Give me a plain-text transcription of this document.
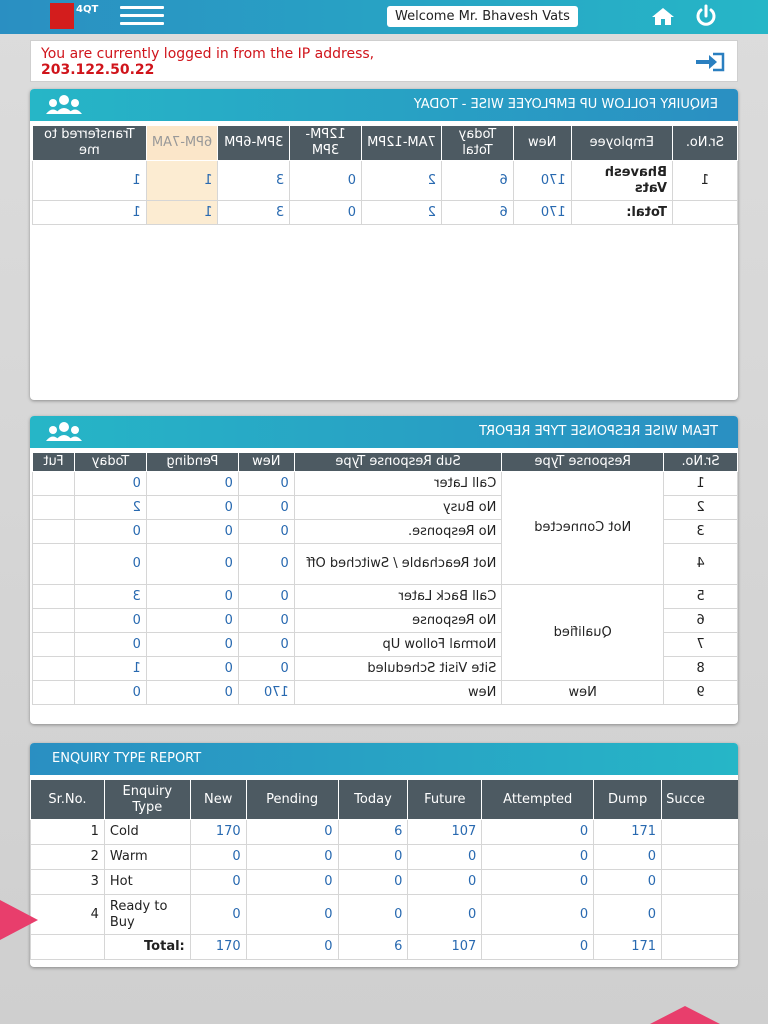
4QT	Welcome Mr. Bhavesh Vats
You are currently logged in from the IP address,
203.122.50.22
ENQUIRY FOLLOW UP EMPLOYEE WISE - TODAY
Sr.No.	Employee	New	Today Total	7AM-12PM	12PM-3PM	3PM-6PM	6PM-7AM	Transferred to me
1	Bhavesh Vats	170	6	2	0	3	1	1
	Total:	170	6	2	0	3	1	1
TEAM WISE RESPONSE TYPE REPORT
Sr.No.	Response Type	Sub Response Type	New	Pending	Today	Fut
1	Not Connected	Call Later	0	0	0	
2		No Busy	0	0	2	
3		No Response.	0	0	0	
4		Not Reachable / Switched Off	0	0	0	
5	Qualified	Call Back Later	0	0	3	
6		No Response	0	0	0	
7		Normal Follow Up	0	0	0	
8		Site Visit Scheduled	0	0	1	
9	New	New	170	0	0	
ENQUIRY TYPE REPORT
Sr.No.	Enquiry Type	New	Pending	Today	Future	Attempted	Dump	Succe
1	Cold	170	0	6	107	0	171	
2	Warm	0	0	0	0	0	0	
3	Hot	0	0	0	0	0	0	
4	Ready to Buy	0	0	0	0	0	0	
	Total:	170	0	6	107	0	171	
